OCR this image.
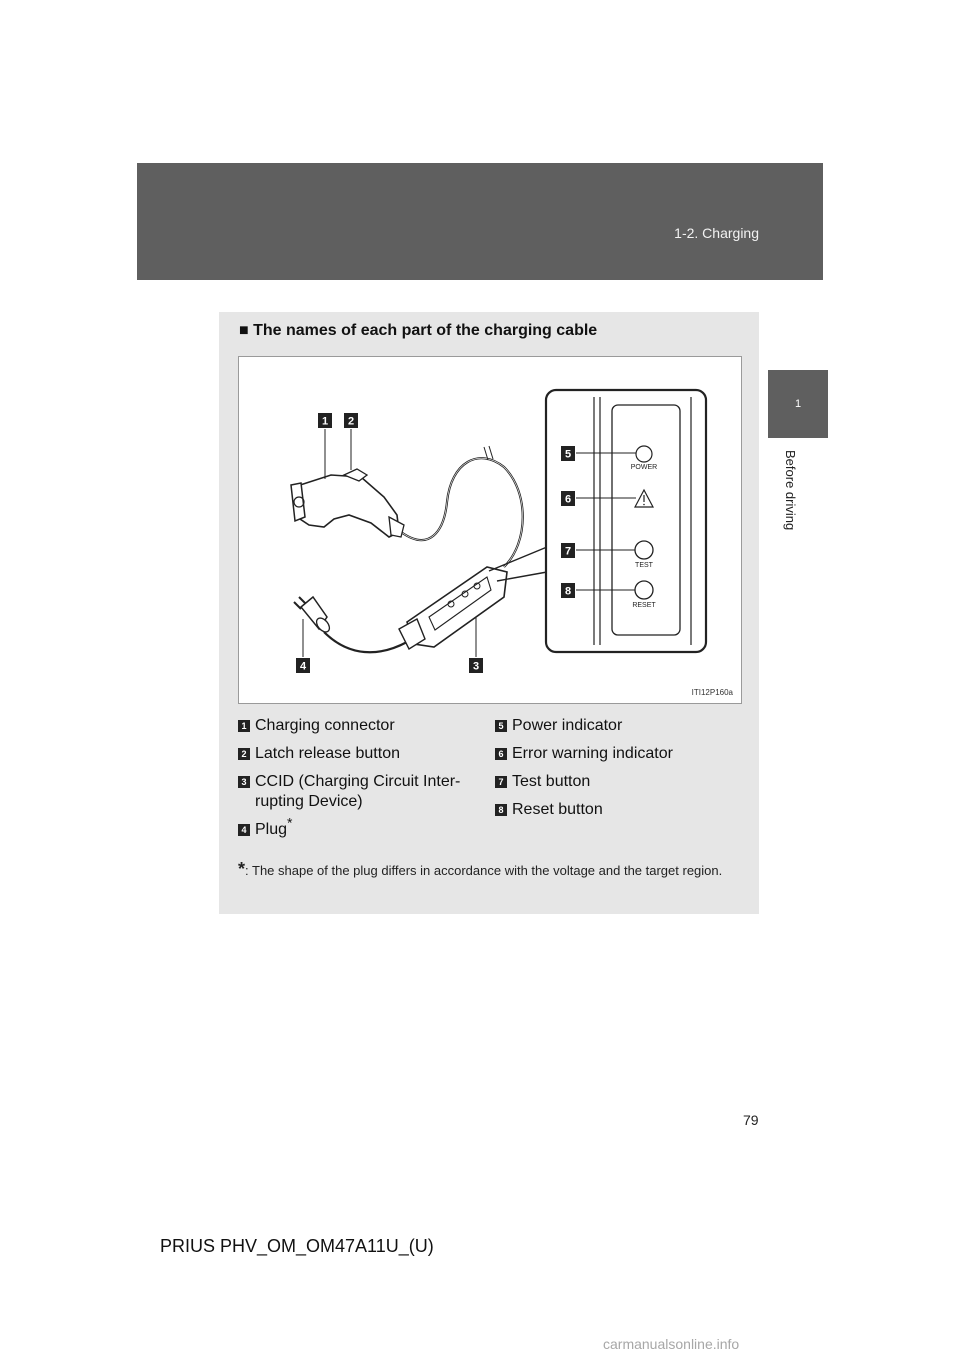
1-2. Charging
1
Before driving
■ The names of each part of the charging cable
POWER
TEST
RESET
1 2
3
4
5
6
7
8
ITI12P160a
1 Charging connector
2 Latch release button
3 CCID (Charging Circuit Inter-rupting Device)
4 Plug*
5 Power indicator
6 Error warning indicator
7 Test button
8 Reset button
*: The shape of the plug differs in accordance with the voltage and the target region.
79
PRIUS PHV_OM_OM47A11U_(U)
carmanualsonline.info
